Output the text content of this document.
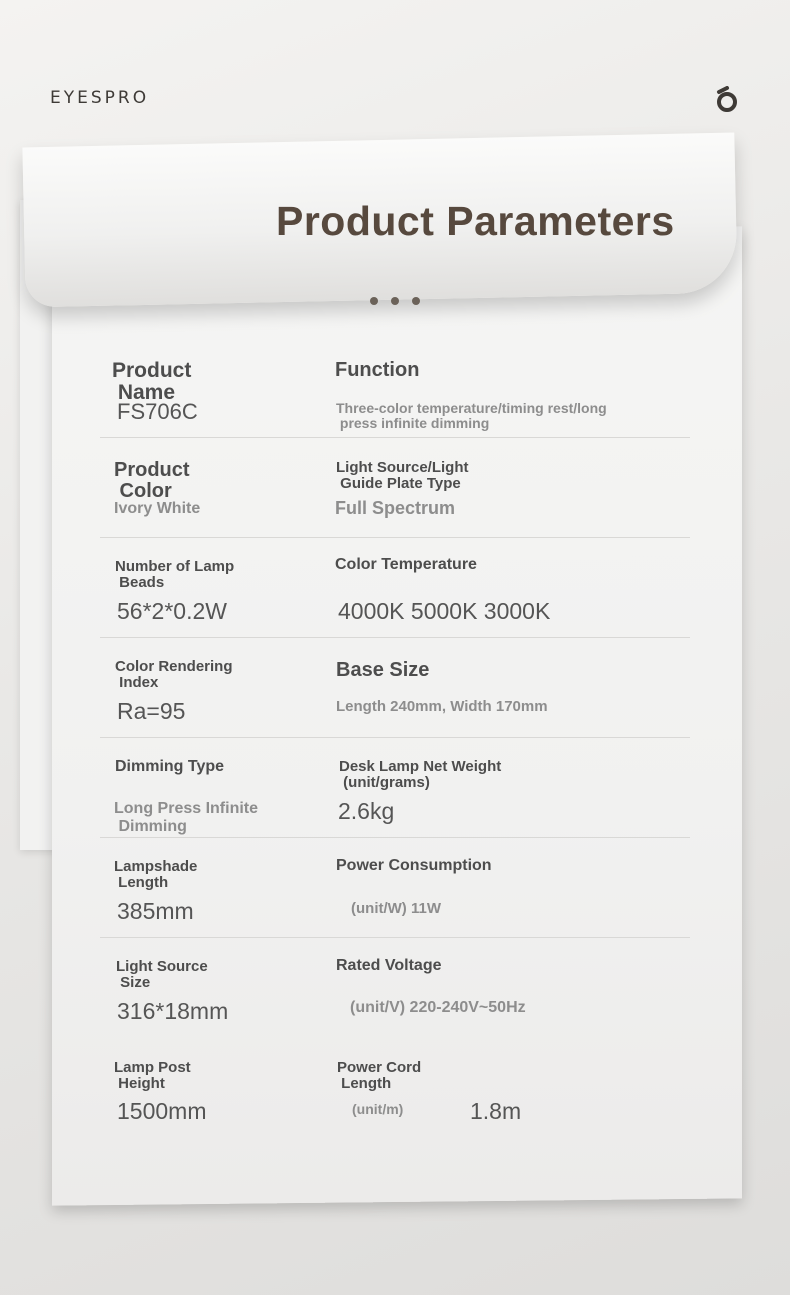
EYESPRO
Product Parameters
Product
Name
FS706C
Function
Three-color temperature/timing rest/long
press infinite dimming
Product
Color
Ivory White
Light Source/Light
Guide Plate Type
Full Spectrum
Number of Lamp
Beads
56*2*0.2W
Color Temperature
4000K 5000K 3000K
Color Rendering
Index
Ra=95
Base Size
Length 240mm, Width 170mm
Dimming Type
Long Press Infinite
Dimming
Desk Lamp Net Weight
(unit/grams)
2.6kg
Lampshade
Length
385mm
Power Consumption
(unit/W) 11W
Light Source
Size
316*18mm
Rated Voltage
(unit/V) 220-240V~50Hz
Lamp Post
Height
1500mm
Power Cord
Length
(unit/m)	1.8m
